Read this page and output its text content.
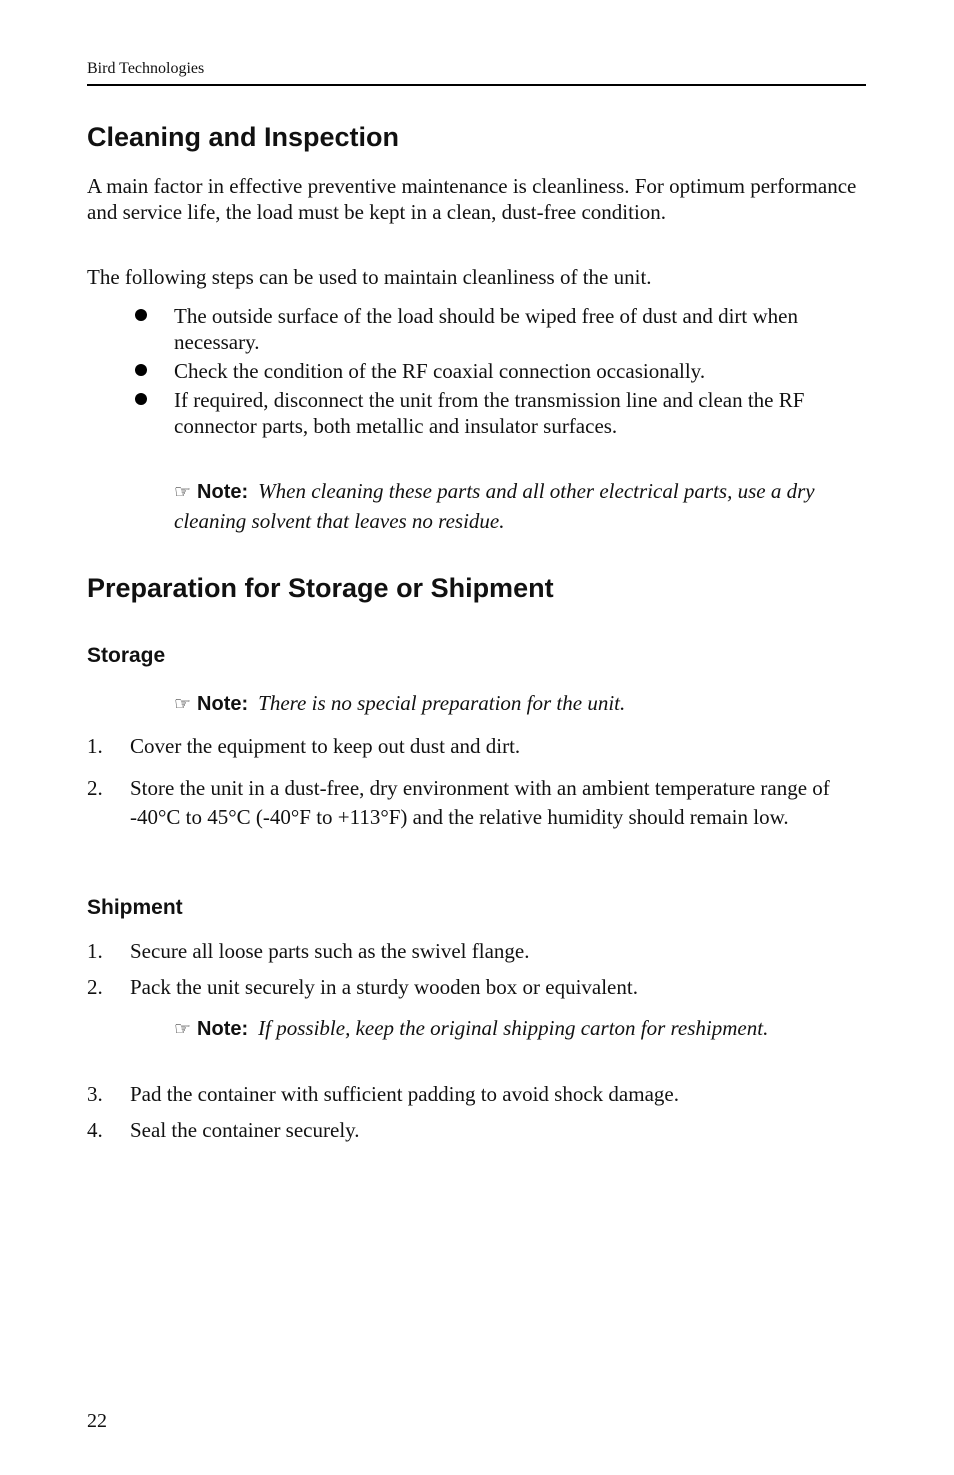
Bird Technologies
Cleaning and Inspection

A main factor in effective preventive maintenance is cleanliness. For optimum performance and service life, the load must be kept in a clean, dust-free condition.

The following steps can be used to maintain cleanliness of the unit.

The outside surface of the load should be wiped free of dust and dirt when necessary.
Check the condition of the RF coaxial connection occasionally.
If required, disconnect the unit from the transmission line and clean the RF connector parts, both metallic and insulator surfaces.
☞ Note: When cleaning these parts and all other electrical parts, use a dry cleaning solvent that leaves no residue.
Preparation for Storage or Shipment
Storage
☞ Note: There is no special preparation for the unit.
1. Cover the equipment to keep out dust and dirt.
2. Store the unit in a dust-free, dry environment with an ambient temperature range of -40°C to 45°C (-40°F to +113°F) and the relative humidity should remain low.
Shipment
1. Secure all loose parts such as the swivel flange.
2. Pack the unit securely in a sturdy wooden box or equivalent.
☞ Note: If possible, keep the original shipping carton for reshipment.
3. Pad the container with sufficient padding to avoid shock damage.
4. Seal the container securely.
22
